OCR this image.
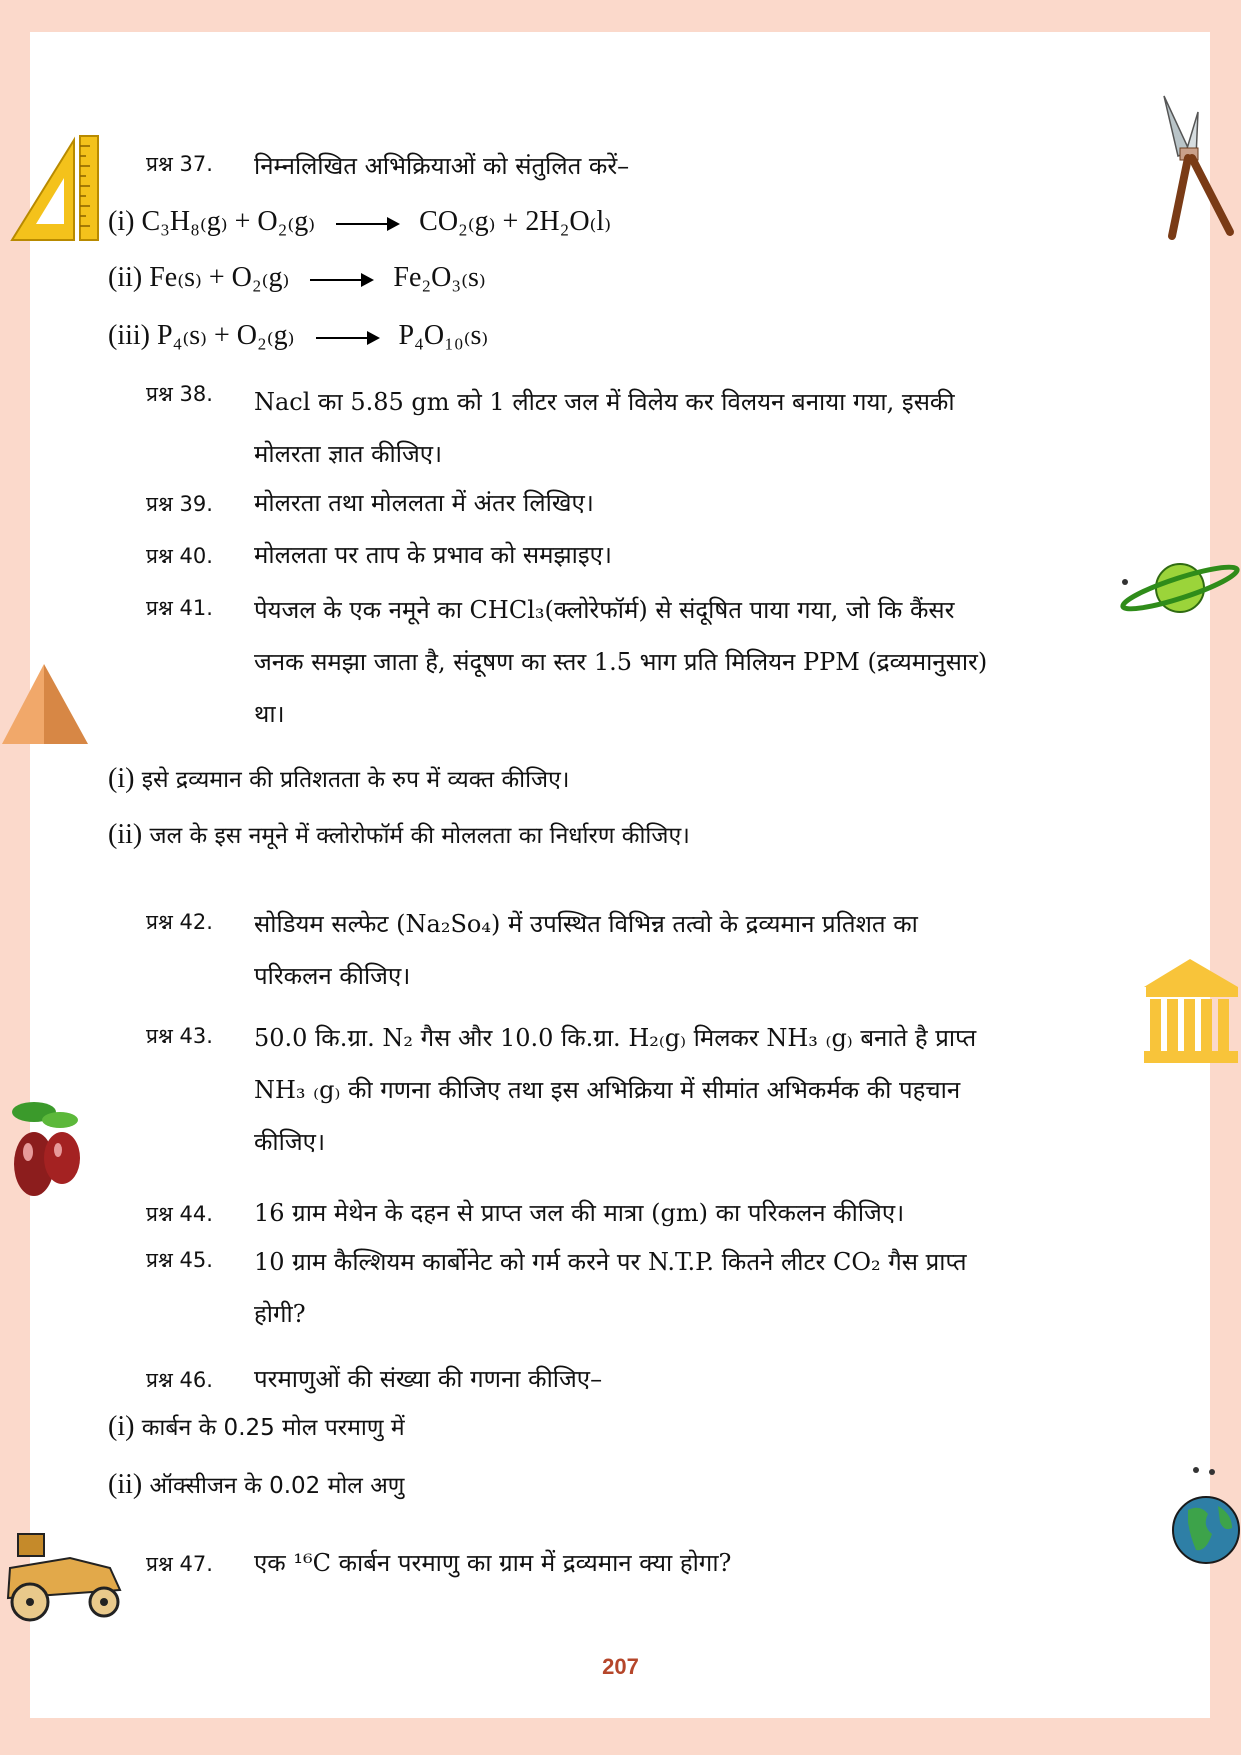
प्रश्न 37. निम्नलिखित अभिक्रियाओं को संतुलित करें–
(i) C₃H₈₍g₎ + O₂₍g₎ → CO₂₍g₎ + 2H₂O₍l₎
(ii) Fe₍s₎ + O₂₍g₎ → Fe₂O₃₍s₎
(iii) P₄₍s₎ + O₂₍g₎ → P₄O₁₀₍s₎
प्रश्न 38. Nacl का 5.85 gm को 1 लीटर जल में विलेय कर विलयन बनाया गया, इसकी
मोलरता ज्ञात कीजिए।
प्रश्न 39. मोलरता तथा मोललता में अंतर लिखिए।
प्रश्न 40. मोललता पर ताप के प्रभाव को समझाइए।
प्रश्न 41. पेयजल के एक नमूने का CHCl₃(क्लोरेफॉर्म) से संदूषित पाया गया, जो कि कैंसर
जनक समझा जाता है, संदूषण का स्तर 1.5 भाग प्रति मिलियन PPM (द्रव्यमानुसार)
था।
(i) इसे द्रव्यमान की प्रतिशतता के रुप में व्यक्त कीजिए।
(ii) जल के इस नमूने में क्लोरोफॉर्म की मोललता का निर्धारण कीजिए।
प्रश्न 42. सोडियम सल्फेट (Na₂So₄) में उपस्थित विभिन्न तत्वो के द्रव्यमान प्रतिशत का
परिकलन कीजिए।
प्रश्न 43. 50.0 कि.ग्रा. N₂ गैस और 10.0 कि.ग्रा. H₂₍g₎ मिलकर NH₃ ₍g₎ बनाते है प्राप्त
NH₃ ₍g₎ की गणना कीजिए तथा इस अभिक्रिया में सीमांत अभिकर्मक की पहचान
कीजिए।
प्रश्न 44. 16 ग्राम मेथेन के दहन से प्राप्त जल की मात्रा (gm) का परिकलन कीजिए।
प्रश्न 45. 10 ग्राम कैल्शियम कार्बोनेट को गर्म करने पर N.T.P. कितने लीटर CO₂ गैस प्राप्त
होगी?
प्रश्न 46. परमाणुओं की संख्या की गणना कीजिए–
(i) कार्बन के 0.25 मोल परमाणु में
(ii) ऑक्सीजन के 0.02 मोल अणु
प्रश्न 47. एक ¹⁶C कार्बन परमाणु का ग्राम में द्रव्यमान क्या होगा?
207
